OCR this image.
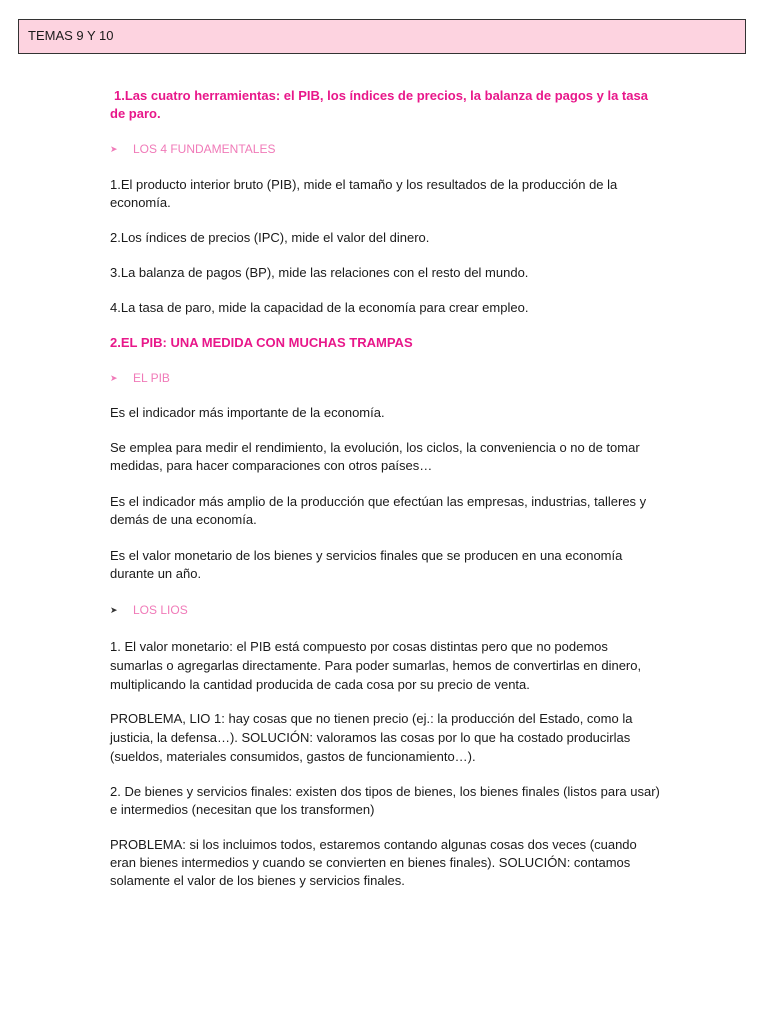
TEMAS 9 Y 10

1.Las cuatro herramientas: el PIB, los índices de precios, la balanza de pagos y la tasa de paro.

➤	LOS 4 FUNDAMENTALES

1.El producto interior bruto (PIB), mide el tamaño y los resultados de la producción de la economía.

2.Los índices de precios (IPC), mide el valor del dinero.

3.La balanza de pagos (BP), mide las relaciones con el resto del mundo.

4.La tasa de paro, mide la capacidad de la economía para crear empleo.

2.EL PIB: UNA MEDIDA CON MUCHAS TRAMPAS

➤	EL PIB

Es el indicador más importante de la economía.

Se emplea para medir el rendimiento, la evolución, los ciclos, la conveniencia o no de tomar medidas, para hacer comparaciones con otros países…

Es el indicador más amplio de la producción que efectúan las empresas, industrias, talleres y demás de una economía.

Es el valor monetario de los bienes y servicios finales que se producen en una economía durante un año.

➤	LOS LIOS

1. El valor monetario: el PIB está compuesto por cosas distintas pero que no podemos sumarlas o agregarlas directamente. Para poder sumarlas, hemos de convertirlas en dinero, multiplicando la cantidad producida de cada cosa por su precio de venta.

PROBLEMA, LIO 1: hay cosas que no tienen precio (ej.: la producción del Estado, como la justicia, la defensa…). SOLUCIÓN: valoramos las cosas por lo que ha costado producirlas (sueldos, materiales consumidos, gastos de funcionamiento…).

2. De bienes y servicios finales: existen dos tipos de bienes, los bienes finales (listos para usar) e intermedios (necesitan que los transformen)

PROBLEMA: si los incluimos todos, estaremos contando algunas cosas dos veces (cuando eran bienes intermedios y cuando se convierten en bienes finales). SOLUCIÓN: contamos solamente el valor de los bienes y servicios finales.
